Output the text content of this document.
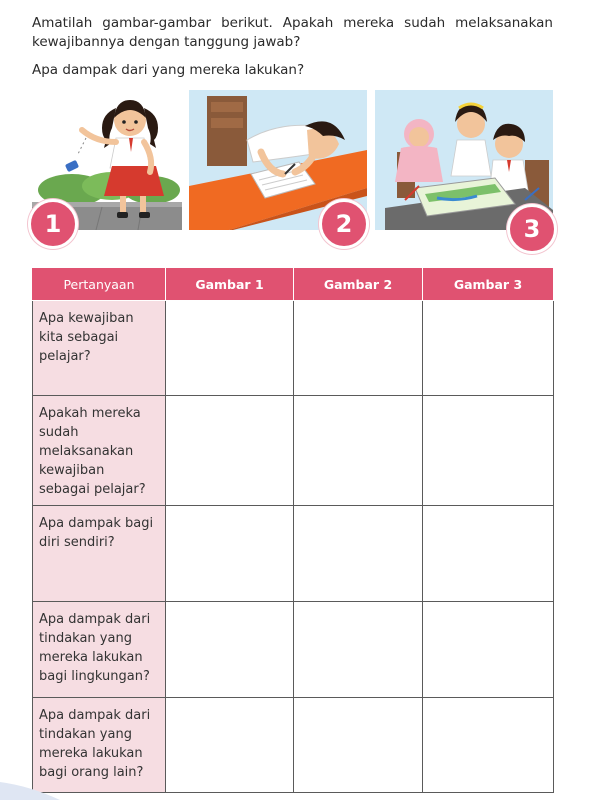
Amatilah gambar-gambar berikut. Apakah mereka sudah melaksanakan kewajibannya dengan tanggung jawab?

Apa dampak dari yang mereka lakukan?

1	2	3
Pertanyaan	Gambar 1	Gambar 2	Gambar 3
Apa kewajiban kita sebagai pelajar?			
Apakah mereka sudah melaksanakan kewajiban sebagai pelajar?			
Apa dampak bagi diri sendiri?			
Apa dampak dari tindakan yang mereka lakukan bagi lingkungan?			
Apa dampak dari tindakan yang mereka lakukan bagi orang lain?			
